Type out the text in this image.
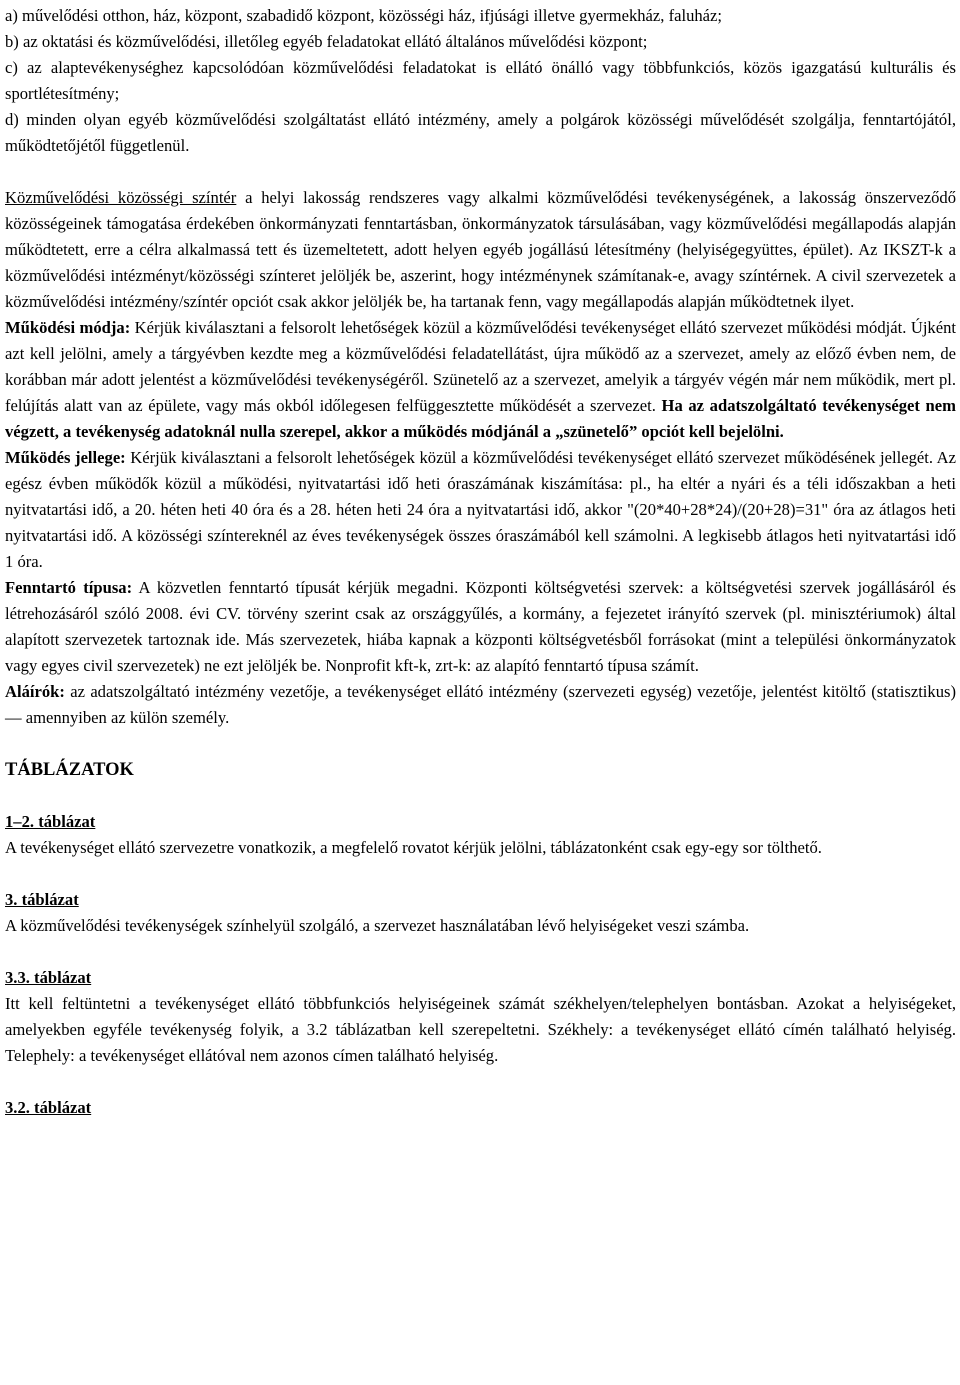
a) művelődési otthon, ház, központ, szabadidő központ, közösségi ház, ifjúsági illetve gyermekház, faluház;

b) az oktatási és közművelődési, illetőleg egyéb feladatokat ellátó általános művelődési központ;

c) az alaptevékenységhez kapcsolódóan közművelődési feladatokat is ellátó önálló vagy többfunkciós, közös igazgatású kulturális és sportlétesítmény;

d) minden olyan egyéb közművelődési szolgáltatást ellátó intézmény, amely a polgárok közösségi művelődését szolgálja, fenntartójától, működtetőjétől függetlenül.

Közművelődési közösségi színtér a helyi lakosság rendszeres vagy alkalmi közművelődési tevékenységének, a lakosság önszerveződő közösségeinek támogatása érdekében önkormányzati fenntartásban, önkormányzatok társulásában, vagy közművelődési megállapodás alapján működtetett, erre a célra alkalmassá tett és üzemeltetett, adott helyen egyéb jogállású létesítmény (helyiségegyüttes, épület). Az IKSZT-k a közművelődési intézményt/közösségi színteret jelöljék be, aszerint, hogy intézménynek számítanak-e, avagy színtérnek. A civil szervezetek a közművelődési intézmény/színtér opciót csak akkor jelöljék be, ha tartanak fenn, vagy megállapodás alapján működtetnek ilyet.

Működési módja: Kérjük kiválasztani a felsorolt lehetőségek közül a közművelődési tevékenységet ellátó szervezet működési módját. Újként azt kell jelölni, amely a tárgyévben kezdte meg a közművelődési feladatellátást, újra működő az a szervezet, amely az előző évben nem, de korábban már adott jelentést a közművelődési tevékenységéről. Szünetelő az a szervezet, amelyik a tárgyév végén már nem működik, mert pl. felújítás alatt van az épülete, vagy más okból időlegesen felfüggesztette működését a szervezet. Ha az adatszolgáltató tevékenységet nem végzett, a tevékenység adatoknál nulla szerepel, akkor a működés módjánál a „szünetelő” opciót kell bejelölni.

Működés jellege: Kérjük kiválasztani a felsorolt lehetőségek közül a közművelődési tevékenységet ellátó szervezet működésének jellegét. Az egész évben működők közül a működési, nyitvatartási idő heti óraszámának kiszámítása: pl., ha eltér a nyári és a téli időszakban a heti nyitvatartási idő, a 20. héten heti 40 óra és a 28. héten heti 24 óra a nyitvatartási idő, akkor "(20*40+28*24)/(20+28)=31" óra az átlagos heti nyitvatartási idő. A közösségi színtereknél az éves tevékenységek összes óraszámából kell számolni. A legkisebb átlagos heti nyitvatartási idő 1 óra.

Fenntartó típusa: A közvetlen fenntartó típusát kérjük megadni. Központi költségvetési szervek: a költségvetési szervek jogállásáról és létrehozásáról szóló 2008. évi CV. törvény szerint csak az országgyűlés, a kormány, a fejezetet irányító szervek (pl. minisztériumok) által alapított szervezetek tartoznak ide. Más szervezetek, hiába kapnak a központi költségvetésből forrásokat (mint a települési önkormányzatok vagy egyes civil szervezetek) ne ezt jelöljék be. Nonprofit kft-k, zrt-k: az alapító fenntartó típusa számít.

Aláírók: az adatszolgáltató intézmény vezetője, a tevékenységet ellátó intézmény (szervezeti egység) vezetője, jelentést kitöltő (statisztikus) ― amennyiben az külön személy.

TÁBLÁZATOK

1–2. táblázat

A tevékenységet ellátó szervezetre vonatkozik, a megfelelő rovatot kérjük jelölni, táblázatonként csak egy-egy sor tölthető.

3. táblázat

A közművelődési tevékenységek színhelyül szolgáló, a szervezet használatában lévő helyiségeket veszi számba.

3.3. táblázat

Itt kell feltüntetni a tevékenységet ellátó többfunkciós helyiségeinek számát székhelyen/telephelyen bontásban. Azokat a helyiségeket, amelyekben egyféle tevékenység folyik, a 3.2 táblázatban kell szerepeltetni. Székhely: a tevékenységet ellátó címén található helyiség. Telephely: a tevékenységet ellátóval nem azonos címen található helyiség.

3.2. táblázat
